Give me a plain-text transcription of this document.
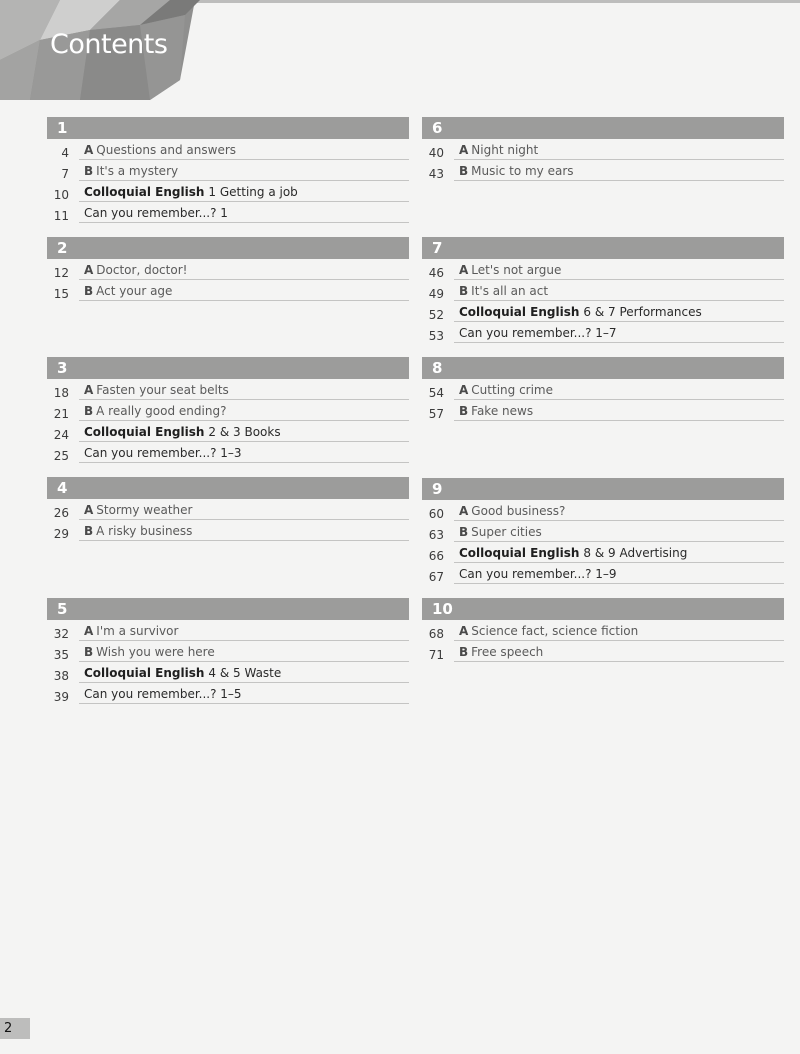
Contents
1
4	A Questions and answers
7	B It's a mystery
10	Colloquial English 1 Getting a job
11	Can you remember...? 1
2
12	A Doctor, doctor!
15	B Act your age
3
18	A Fasten your seat belts
21	B A really good ending?
24	Colloquial English 2 & 3 Books
25	Can you remember...? 1–3
4
26	A Stormy weather
29	B A risky business
5
32	A I'm a survivor
35	B Wish you were here
38	Colloquial English 4 & 5 Waste
39	Can you remember...? 1–5
6
40	A Night night
43	B Music to my ears
7
46	A Let's not argue
49	B It's all an act
52	Colloquial English 6 & 7 Performances
53	Can you remember...? 1–7
8
54	A Cutting crime
57	B Fake news
9
60	A Good business?
63	B Super cities
66	Colloquial English 8 & 9 Advertising
67	Can you remember...? 1–9
10
68	A Science fact, science fiction
71	B Free speech
2
